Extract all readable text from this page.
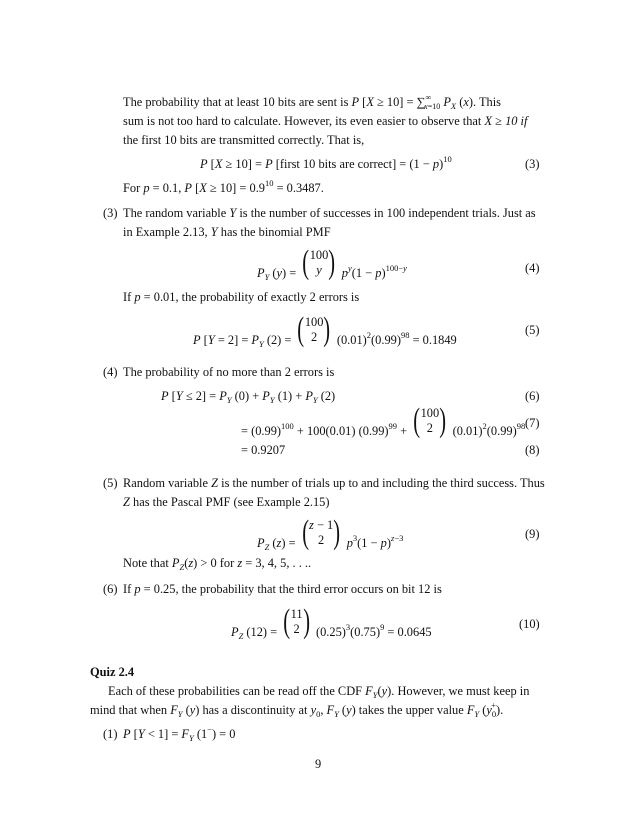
The probability that at least 10 bits are sent is P $[X \ge 10] = \sum^\infty_{x=10}$ $P_X$ (x). This
sum is not too hard to calculate. However, its even easier to observe that X ≥ 10 if
the first 10 bits are transmitted correctly. That is,
P [X ≥ 10] = P [first 10 bits are correct] = $(1 - p)^{10}$	(3)
For p = 0.1, P $[X \ge 10] = 0.9^{10} = 0.3487$.
(3) The random variable Y is the number of successes in 100 independent trials. Just as
in Example 2.13, Y has the binomial PMF
$P_Y$ (y) = ( 100
y ) $p^y(1 - p)^{100-y}$	(4)
If p = 0.01, the probability of exactly 2 errors is
P $[Y = 2] = P_Y$ (2) = ( 100
2 ) $(0.01)^2(0.99)^{98} = 0.1849$
(5)
(4) The probability of no more than 2 errors is
P $[Y \le 2] = P_Y$ $(0) + P_Y$ $(1) + P_Y$ (2)	(6)
= $(0.99)^{100} + 100(0.01) (0.99)^{99}$ + ( 100
2 ) $(0.01)^2(0.99)^{98}$ (7)
= 0.9207	(8)
(5) Random variable Z is the number of trials up to and including the third success. Thus
Z has the Pascal PMF (see Example 2.15)
$P_Z$ (z) = ( z − 1
2 ) $p^3(1 - p)^{z-3}$	(9)
Note that $P_Z(z) > 0$ for z = 3, 4, 5, . . ..
(6) If p = 0.25, the probability that the third error occurs on bit 12 is
$P_Z$ (12) = ( 11
2 ) $(0.25)^3(0.75)^9 = 0.0645$
(10)
Quiz 2.4
Each of these probabilities can be read off the CDF $F_Y(y)$. However, we must keep in
mind that when $F_Y$ (y) has a discontinuity at $y_0$, $F_Y$ (y) takes the upper value $F_Y$ $(y_0^+)$.
(1) P $[Y < 1] = F_Y$ (1−) = 0
9
